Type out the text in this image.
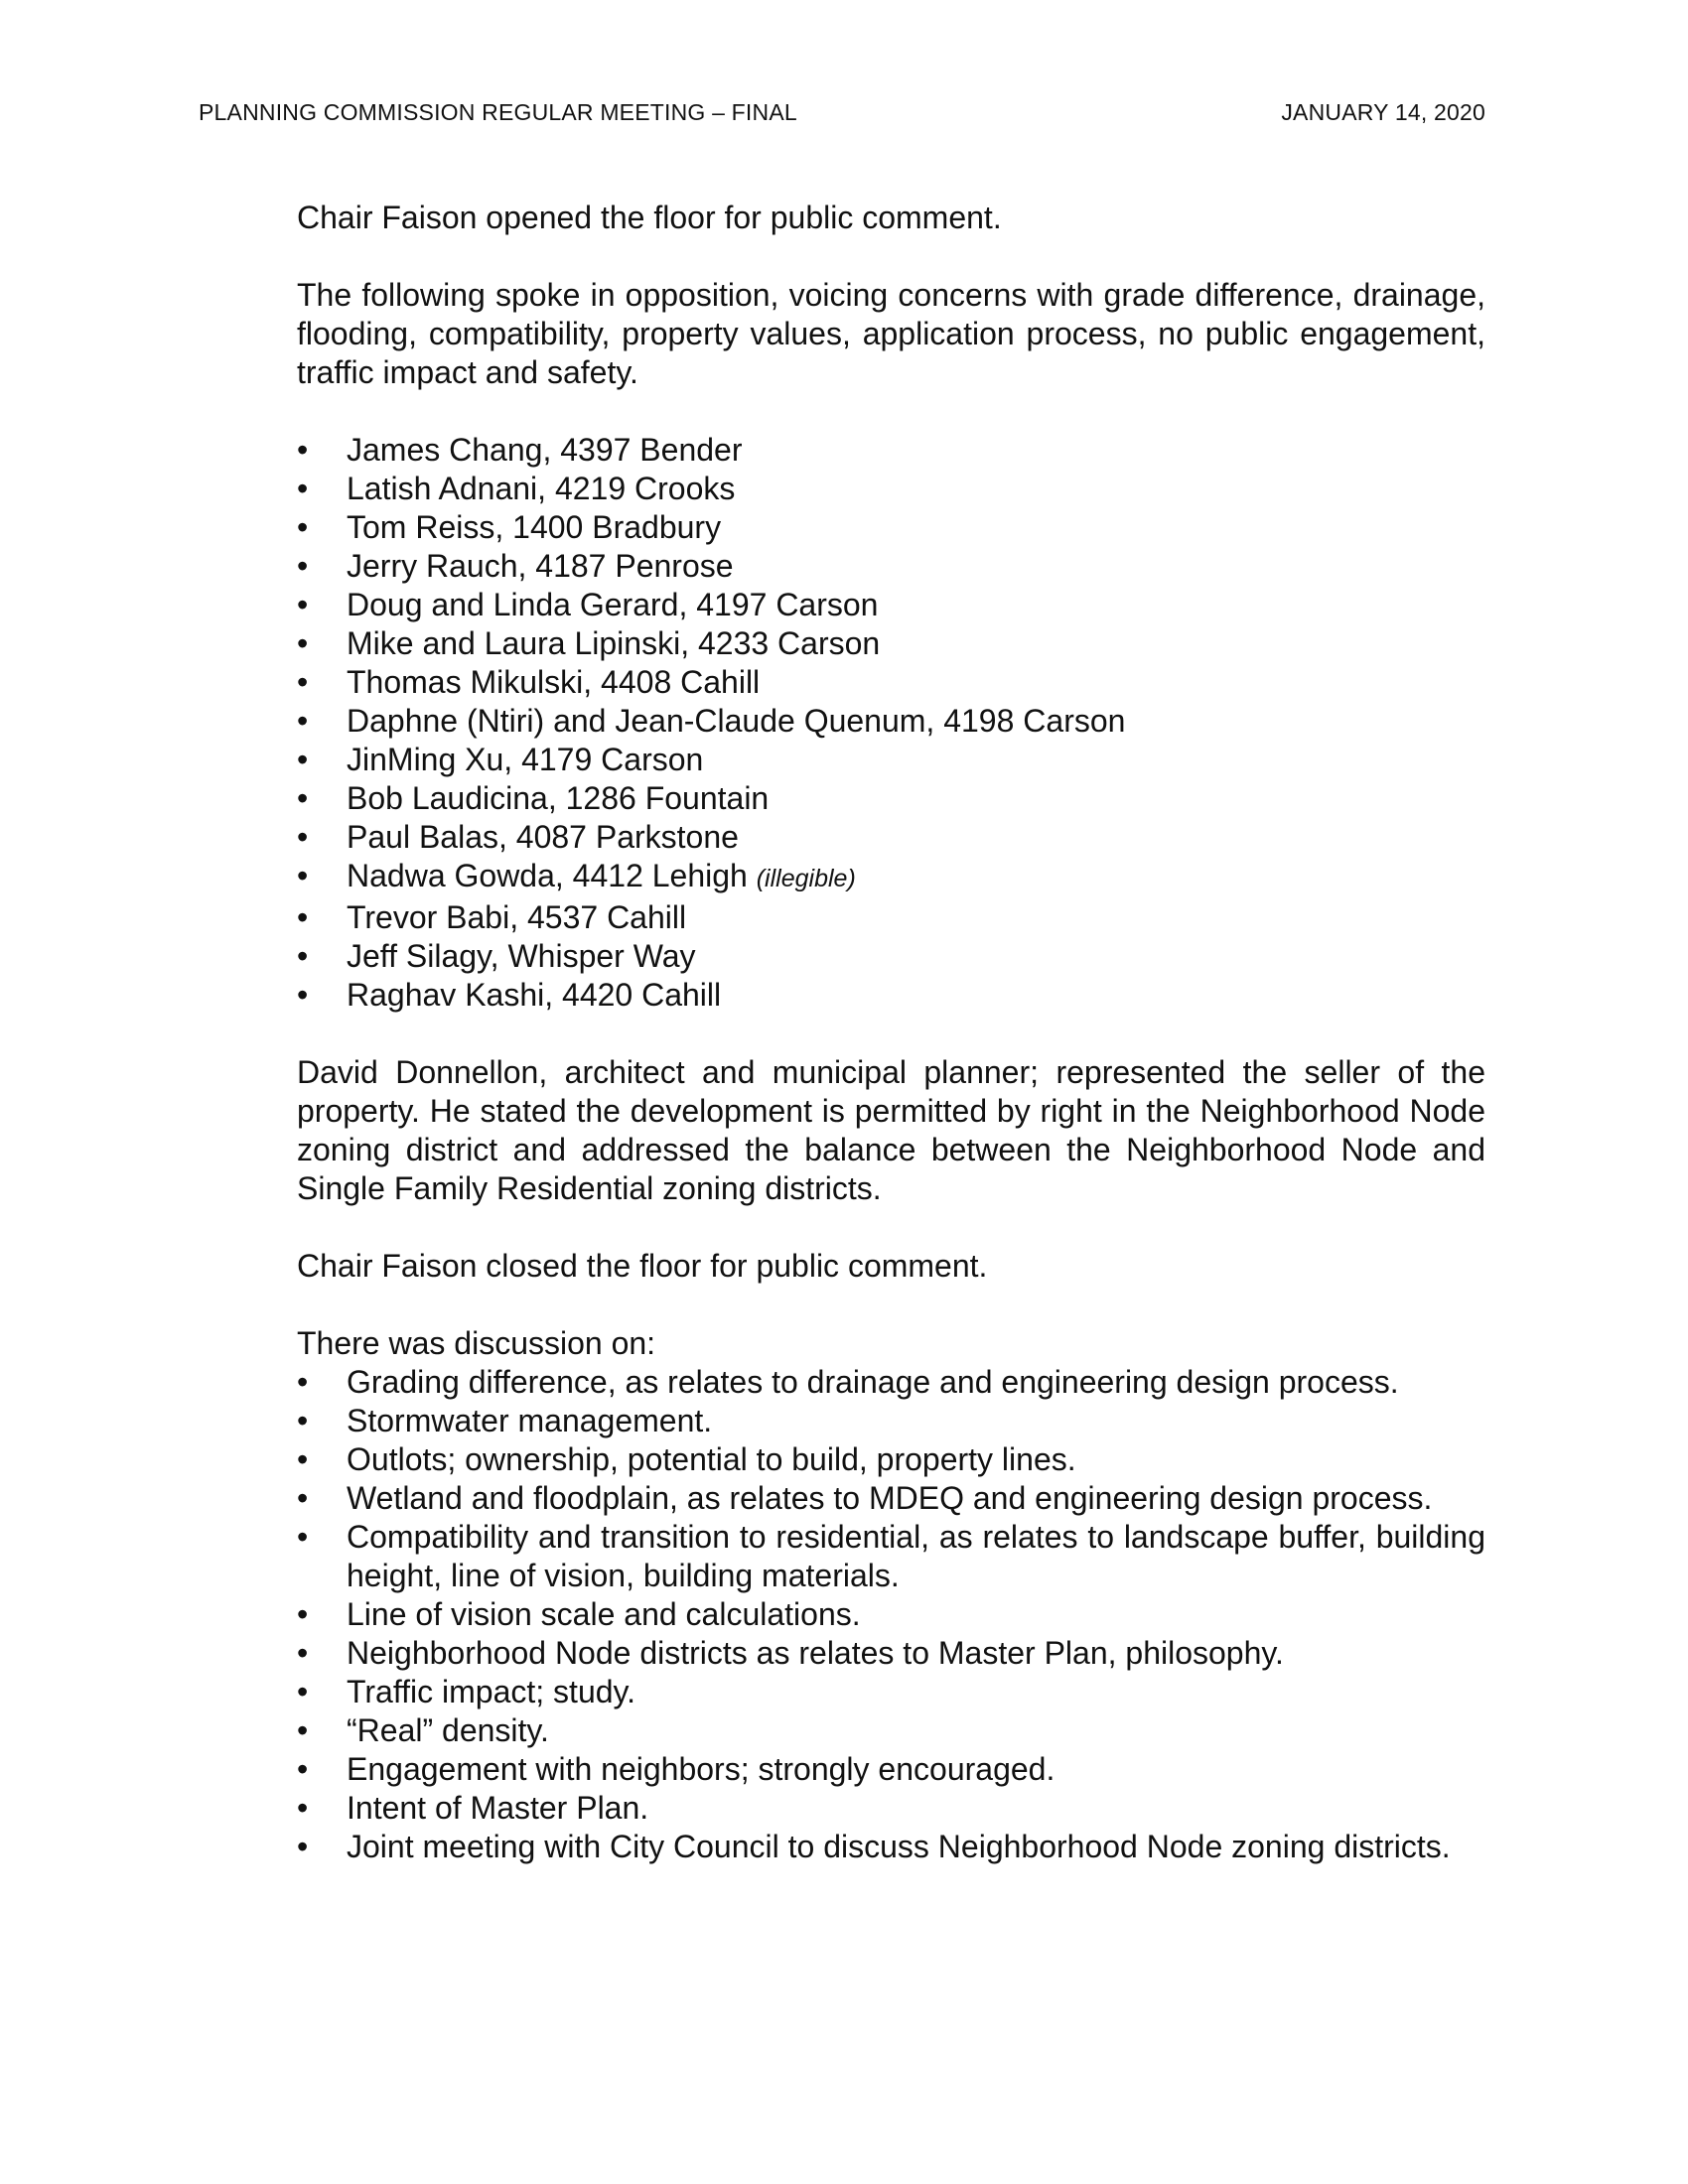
PLANNING COMMISSION REGULAR MEETING – FINAL	JANUARY 14, 2020

Chair Faison opened the floor for public comment.

The following spoke in opposition, voicing concerns with grade difference, drainage, flooding, compatibility, property values, application process, no public engagement, traffic impact and safety.

• James Chang, 4397 Bender
• Latish Adnani, 4219 Crooks
• Tom Reiss, 1400 Bradbury
• Jerry Rauch, 4187 Penrose
• Doug and Linda Gerard, 4197 Carson
• Mike and Laura Lipinski, 4233 Carson
• Thomas Mikulski, 4408 Cahill
• Daphne (Ntiri) and Jean-Claude Quenum, 4198 Carson
• JinMing Xu, 4179 Carson
• Bob Laudicina, 1286 Fountain
• Paul Balas, 4087 Parkstone
• Nadwa Gowda, 4412 Lehigh (illegible)
• Trevor Babi, 4537 Cahill
• Jeff Silagy, Whisper Way
• Raghav Kashi, 4420 Cahill

David Donnellon, architect and municipal planner; represented the seller of the property. He stated the development is permitted by right in the Neighborhood Node zoning district and addressed the balance between the Neighborhood Node and Single Family Residential zoning districts.

Chair Faison closed the floor for public comment.

There was discussion on:

• Grading difference, as relates to drainage and engineering design process.
• Stormwater management.
• Outlots; ownership, potential to build, property lines.
• Wetland and floodplain, as relates to MDEQ and engineering design process.
• Compatibility and transition to residential, as relates to landscape buffer, building height, line of vision, building materials.
• Line of vision scale and calculations.
• Neighborhood Node districts as relates to Master Plan, philosophy.
• Traffic impact; study.
• “Real” density.
• Engagement with neighbors; strongly encouraged.
• Intent of Master Plan.
• Joint meeting with City Council to discuss Neighborhood Node zoning districts.
